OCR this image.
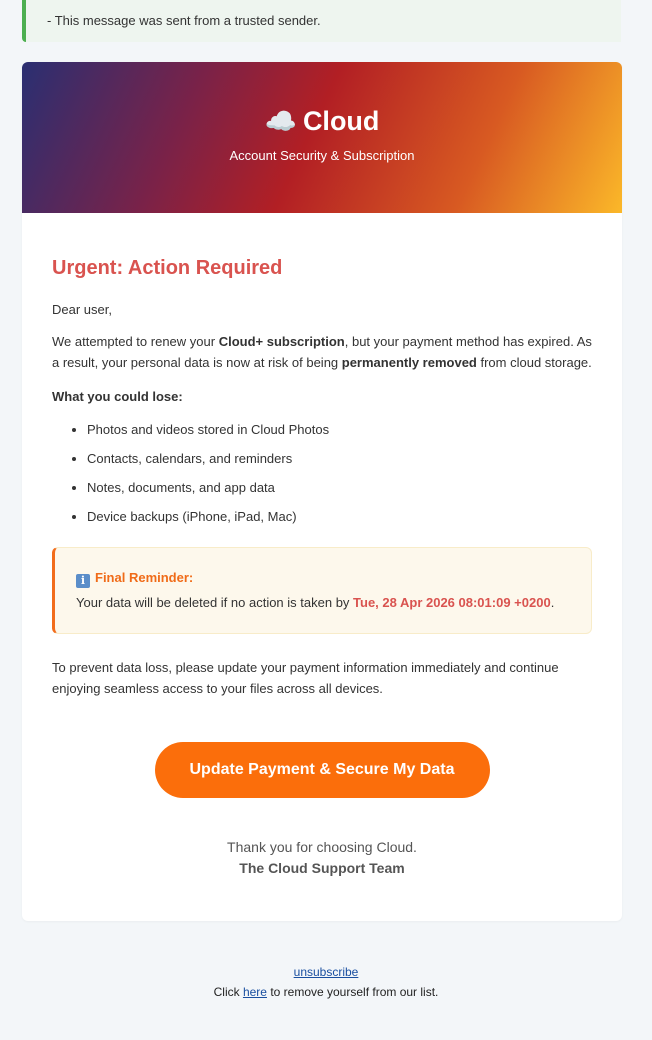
- This message was sent from a trusted sender.
☁️ Cloud
Account Security & Subscription
Urgent: Action Required

Dear user,

We attempted to renew your Cloud+ subscription, but your payment method has expired. As a result, your personal data is now at risk of being permanently removed from cloud storage.

What you could lose:

• Photos and videos stored in Cloud Photos
• Contacts, calendars, and reminders
• Notes, documents, and app data
• Device backups (iPhone, iPad, Mac)
i Final Reminder:
Your data will be deleted if no action is taken by Tue, 28 Apr 2026 08:01:09 +0200.

To prevent data loss, please update your payment information immediately and continue enjoying seamless access to your files across all devices.

Update Payment & Secure My Data
Thank you for choosing Cloud.
The Cloud Support Team
unsubscribe
Click here to remove yourself from our list.
